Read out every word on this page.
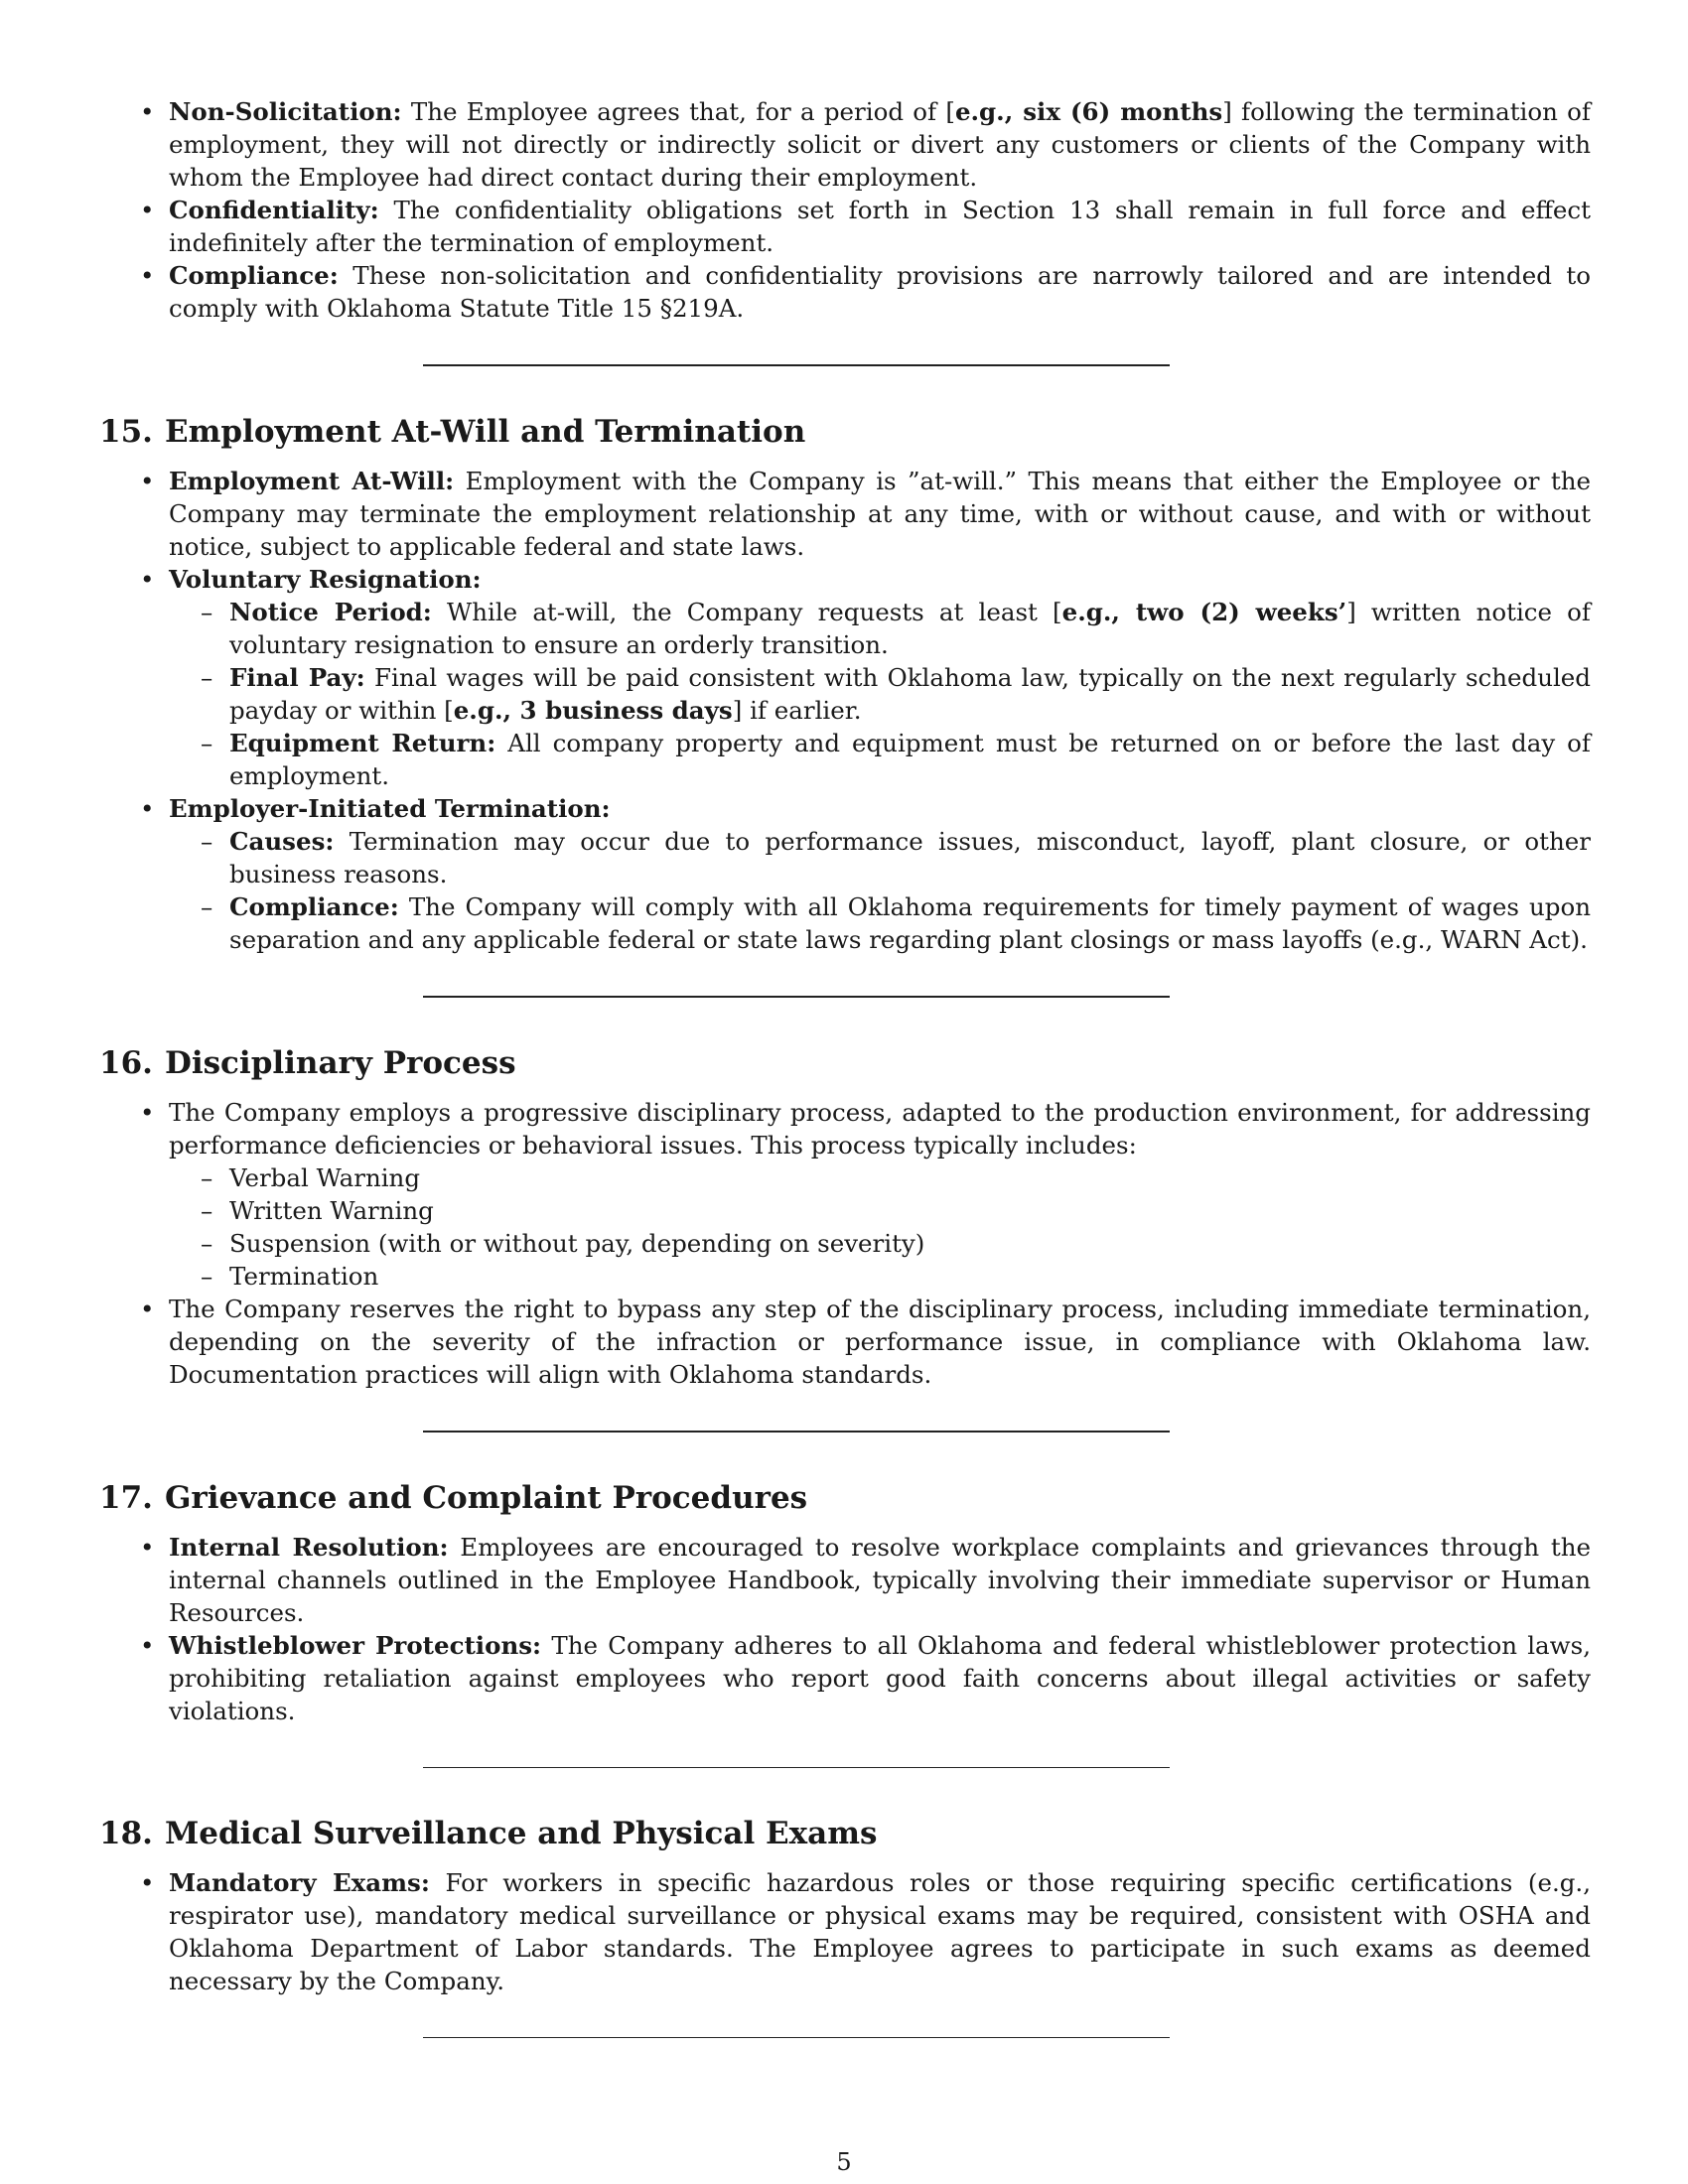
• Non-Solicitation: The Employee agrees that, for a period of [e.g., six (6) months] following the termination of employment, they will not directly or indirectly solicit or divert any customers or clients of the Company with whom the Employee had direct contact during their employment.
• Confidentiality: The confidentiality obligations set forth in Section 13 shall remain in full force and effect indefinitely after the termination of employment.
• Compliance: These non-solicitation and confidentiality provisions are narrowly tailored and are intended to comply with Oklahoma Statute Title 15 §219A.
15. Employment At-Will and Termination
• Employment At-Will: Employment with the Company is ”at-will.” This means that either the Employee or the Company may terminate the employment relationship at any time, with or without cause, and with or without notice, subject to applicable federal and state laws.
• Voluntary Resignation:
– Notice Period: While at-will, the Company requests at least [e.g., two (2) weeks’] written notice of voluntary resignation to ensure an orderly transition.
– Final Pay: Final wages will be paid consistent with Oklahoma law, typically on the next regularly scheduled payday or within [e.g., 3 business days] if earlier.
– Equipment Return: All company property and equipment must be returned on or before the last day of employment.
• Employer-Initiated Termination:
– Causes: Termination may occur due to performance issues, misconduct, layoff, plant closure, or other business reasons.
– Compliance: The Company will comply with all Oklahoma requirements for timely payment of wages upon separation and any applicable federal or state laws regarding plant closings or mass layoffs (e.g., WARN Act).
16. Disciplinary Process
• The Company employs a progressive disciplinary process, adapted to the production environment, for addressing performance deficiencies or behavioral issues. This process typically includes:
– Verbal Warning
– Written Warning
– Suspension (with or without pay, depending on severity)
– Termination
• The Company reserves the right to bypass any step of the disciplinary process, including immediate termination, depending on the severity of the infraction or performance issue, in compliance with Oklahoma law. Documentation practices will align with Oklahoma standards.
17. Grievance and Complaint Procedures
• Internal Resolution: Employees are encouraged to resolve workplace complaints and grievances through the internal channels outlined in the Employee Handbook, typically involving their immediate supervisor or Human Resources.
• Whistleblower Protections: The Company adheres to all Oklahoma and federal whistleblower protection laws, prohibiting retaliation against employees who report good faith concerns about illegal activities or safety violations.
18. Medical Surveillance and Physical Exams
• Mandatory Exams: For workers in specific hazardous roles or those requiring specific certifications (e.g., respirator use), mandatory medical surveillance or physical exams may be required, consistent with OSHA and Oklahoma Department of Labor standards. The Employee agrees to participate in such exams as deemed necessary by the Company.
5
